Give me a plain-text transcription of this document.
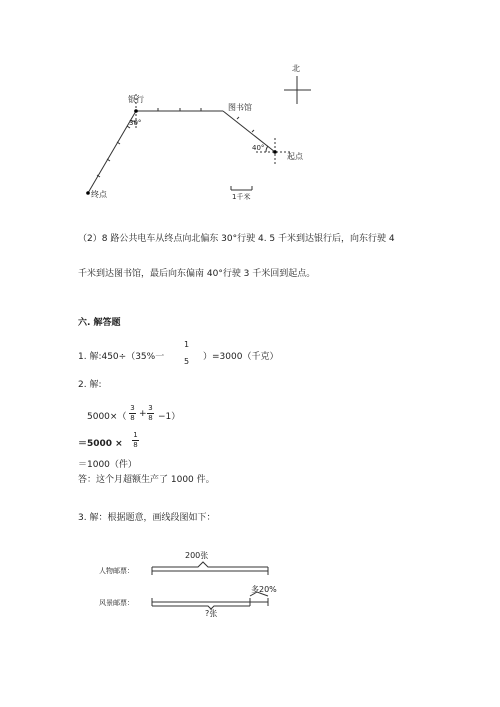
北
银行
图书馆
起点
终点
30°
40°
1千米
（2）8 路公共电车从终点向北偏东 30°行驶 4. 5 千米到达银行后，向东行驶 4
千米到达图书馆，最后向东偏南 40°行驶 3 千米回到起点。
六. 解答题
1. 解:450÷（35%一
1
5 ）=3000（千克）
2. 解:
5000×（
3
8 +
3
8 −1）
＝5000 ×
1
8
＝1000（件）
答：这个月超额生产了 1000 件。
3. 解：根据题意，画线段图如下：
人物邮票：
200张
风景邮票：
多20%
?张
